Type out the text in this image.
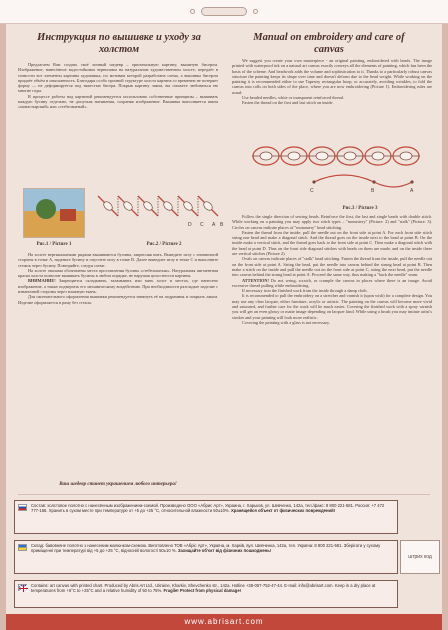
Инструкция по вышивке и уходу за холстом
Manual on embroidery and care of canvas

Предлагаем Вам создать своё личный шедевр – оригинальную картину, вышитую бисером. Изображение, нанесённое водостойкими чернилами на натуральном художественном холсте, передаёт в точности все элементы картины художника, по мотивам которой разработана схема, а вышивка бисером придаёт объём и изысканность. Благодаря особо прочной структуре холста картина со временем не потеряет форму — не деформируется под тяжестью бисера. Покрыв картину лаком, вы сможете любоваться ею многие годы.

В процессе работы над картиной рекомендуется использовать собственные принципы – вышивать каждую бусину отдельно, не допуская натяжения, сохраняя изображение. Вышивка выполняется швом «монастырский» или «стебельчатый».

We suggest you create your own masterpiece - an original painting, embroidered with beads. The image printed with waterproof ink on a natural art canvas exactly conveys all the elements of painting, which has been the basis of the scheme. And beadwork adds the volume and sophistication to it. Thanks to a particularly robust canvas structure the painting keeps its shape over time and doesn't deform due to the bead weight. While working on the painting it is recommended either to use Tapestry rectangular hoop, or accurately, avoiding wrinkles, to fold the canvas into rolls on both sides of the place, where you are now embroidering (Picture 1). Embroidering rules are usual:

Use beaded needles, white or transparent reinforced thread.

Fasten the thread on the first and last stitch on inside.

C	B	A
Рис.3 / Picture 3
Рис.1 / Picture 1
D C A B
Рис.2 / Picture 2

На холсте вертикальными рядами вышиваются бусины, закрепляя нить. Выведите иглу с изнаночной стороны в точке А, наденьте бусину и опустите иглу в точке В. Далее выведите иглу в точке С и выполните стежок через бусину. Повторяйте, следуя схеме.

На холсте овалами обозначены места проставления бусины «стебельчатым». Натуральная пигментная краска холста позволит вышивать бусины в любом порядке, не нарушая целостности картины.

ВНИМАНИЕ! Запрещается складывать, заламывать или мять холст в местах, где нанесено изображение, а также подвергать его механическому воздействию. При необходимости разгладьте изделие с изнаночной стороны через влажную ткань.

Для окончательного оформления вышивки рекомендуется натянуть её на подрамник и покрыть лаком. Изделие оформляется в раму без стекла.

Ваш шедевр станет украшением любого интерьера!

Follow the single direction of sewing beads. Reinforce the first, the last and single beads with double stitch. While working on a painting you may apply two stitch types – "monastery" (Picture. 2) and "stalk" (Picture. 3). Circles on canvas indicate places of "monastery" bead stitching.

Fasten the thread from the inside; pull the needle out on the front side at point A. For each front side stitch string one bead and make a diagonal stitch. And the thread goes on the inside next to the bead at point B. On the inside make a vertical stitch, and the thread goes back to the front side at point C. Then make a diagonal stitch with the bead at point D. Thus on the front side diagonal stitches with beads on them are made, and on the inside there are vertical stitches (Picture 2).

Ovals on canvas indicate places of "stalk" bead stitching. Fasten the thread from the inside, pull the needle out on the front side at point A. String the bead, put the needle into canvas behind the strung bead at point B. Then make a stitch on the inside and pull the needle out on the front side at point C, string the next bead, put the needle into canvas behind the strung bead at point A. Proceed the same way, thus making a "back the needle" seam.

ATTENTION! Do not wring, scratch, or crumple the canvas in places where there is an image. Avoid excessive thread pulling while embroidering.

If necessary iron the finished work from the inside through a damp cloth.

It is recommended to pull the embroidery on a stretcher and varnish it (upon wish) for a complete design. You may use any clear lacquer, either furniture, acrylic or artistic. The painting on the canvas will become more vivid and saturated, and further care for the work will be much easier. Covering the finished work with a spray varnish you will get an even glossy or matte image depending on lacquer kind. While using a brush you may imitate artist's strokes and your painting will look more realistic.

Covering the painting with a glass is not necessary.

Состав: холстовое полотно с нанесённым изображением-схемой. Произведено ООО «Абрис Арт», Украина, г. Харьков, ул. Шевченко, 142а, тел./факс: 8 800 221-581. Россия: +7 472 777-166. Хранить в сухом месте при температуре от +5 до +25 °С, относительной влажности 50±10%. Хранящейся объект от физических повреждений!
Склад: бавовняне полотно з нанесеним малюнком-схемою. Виготовлено ТОВ «Абріс Арт», Україна, м. Харків, вул. Шевченка, 142а, тел. Україна: 8 800 221-581. Зберігати у сухому приміщенні при температурі від +5 до +25 °С, відносній вологості 50±10 %. Захищайте об'єкт від фізичних пошкоджень!
Contains: art canvas with printed chart. Produced by Abris Art Ltd., Ukraine, Kharkiv, Shevchenko str., 142a. Hotline +38-057-752-47-44. E-mail: info@abrisart.com. Keep in a dry place at temperatures from +5°C to +25°C and a relative humidity of 50 to 75%. Fragile! Protect from physical damage!
штрих код
www.abrisart.com
